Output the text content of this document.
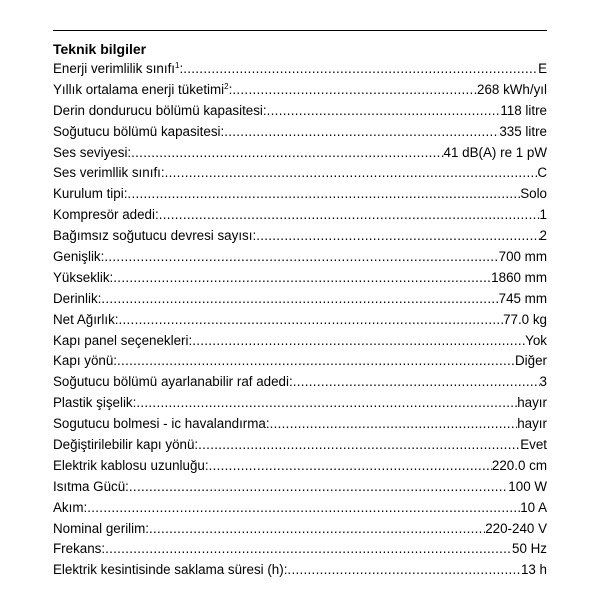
Teknik bilgiler
Enerji verimlilik sınıfı$^1$: .....	E
Yıllık ortalama enerji tüketimi$^2$: .....	268 kWh/yıl
Derin dondurucu bölümü kapasitesi: .....	118 litre
Soğutucu bölümü kapasitesi: .....	335 litre
Ses seviyesi: .....	41 dB(A) re 1 pW
Ses verimllik sınıfı: .....	C
Kurulum tipi: .....	Solo
Kompresör adedi: .....	1
Bağımsız soğutucu devresi sayısı: .....	2
Genişlik: .....	700 mm
Yükseklik: .....	1860 mm
Derinlik: .....	745 mm
Net Ağırlık: .....	77.0 kg
Kapı panel seçenekleri: .....	Yok
Kapı yönü: .....	Diğer
Soğutucu bölümü ayarlanabilir raf adedi: .....	3
Plastik şişelik: .....	hayır
Sogutucu bolmesi - ic havalandırma: .....	hayır
Değiştirilebilir kapı yönü: .....	Evet
Elektrik kablosu uzunluğu: .....	220.0 cm
Isıtma Gücü: .....	100 W
Akım: .....	10 A
Nominal gerilim: .....	220-240 V
Frekans: .....	50 Hz
Elektrik kesintisinde saklama süresi (h): .....	13 h
